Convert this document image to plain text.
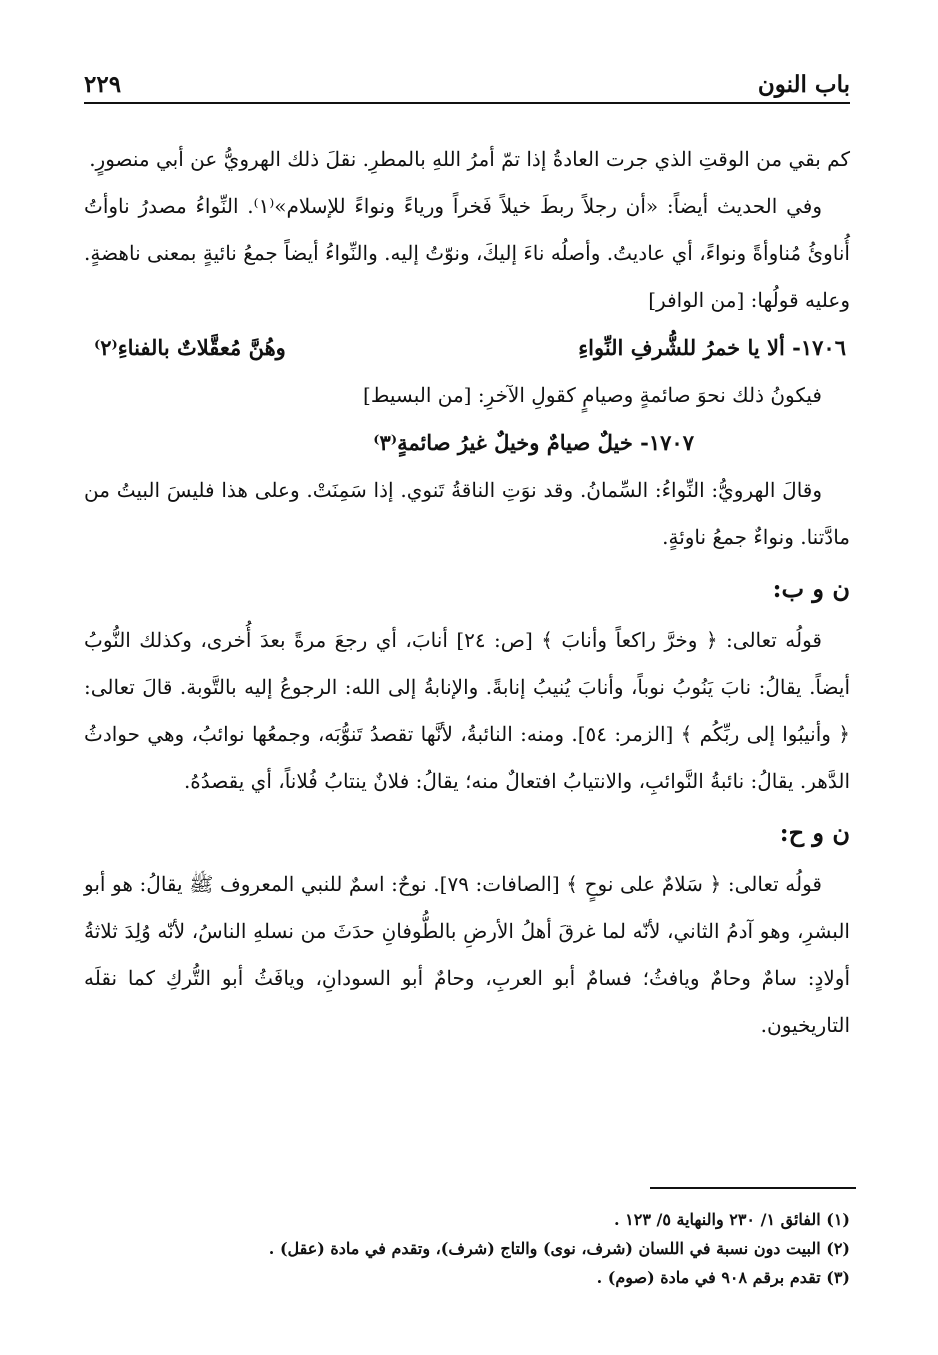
باب النون
٢٢٩

كم بقي من الوقتِ الذي جرت العادةُ إذا تمّ أمرُ اللهِ بالمطرِ. نقلَ ذلك الهرويُّ عن أبي منصورٍ.

وفي الحديث أيضاً: «أن رجلاً ربطَ خيلاً فَخراً ورياءً ونواءً للإسلام»⁽١⁾. النِّواءُ مصدرُ ناوأتُ أُناوئُ مُناوأةً ونواءً، أي عاديتُ. وأصلُه ناءَ إليكَ، ونوّتُ إليه. والنِّواءُ أيضاً جمعُ نائيةٍ بمعنى ناهضةٍ. وعليه قولُها: [من الوافر]

١٧٠٦- ألا يا خمرُ للشُّرفِ النِّواءِ
وهُنَّ مُعقَّلاتٌ بالفناءِ⁽٢⁾

فيكونُ ذلك نحوَ صائمةٍ وصيامٍ كقولِ الآخرِ: [من البسيط]

١٧٠٧- خيلٌ صيامٌ وخيلٌ غيرُ صائمةٍ⁽٣⁾

وقالَ الهرويُّ: النِّواءُ: السِّمانُ. وقد نوَتِ الناقةُ تَنوي. إذا سَمِنَتْ. وعلى هذا فليسَ البيتُ من مادَّتنا. ونواءٌ جمعُ ناوئةٍ.

ن و ب:

قولُه تعالى: ﴿ وخرَّ راكعاً وأنابَ ﴾ [ص: ٢٤] أنابَ، أي رجعَ مرةً بعدَ أُخرى، وكذلك النُّوبُ أيضاً. يقالُ: نابَ يَنُوبُ نوباً، وأنابَ يُنيبُ إنابةً. والإنابةُ إلى الله: الرجوعُ إليه بالتَّوبة. قالَ تعالى: ﴿ وأنيبُوا إلى ربِّكُم ﴾ [الزمر: ٥٤]. ومنه: النائبةُ، لأنَّها تقصدُ تَنوُّبَه، وجمعُها نوائبُ، وهي حوادثُ الدَّهر. يقالُ: نائبةُ النَّوائبِ، والانتيابُ افتعالٌ منه؛ يقالُ: فلانٌ ينتابُ فُلاناً، أي يقصدُهُ.

ن و ح:

قولُه تعالى: ﴿ سَلامٌ على نوحٍ ﴾ [الصافات: ٧٩]. نوحٌ: اسمٌ للنبي المعروف ﷺ يقالُ: هو أبو البشرِ، وهو آدمُ الثاني، لأنّه لما غرقَ أهلُ الأرضِ بالطُّوفانِ حدَثَ من نسلهِ الناسُ، لأنّه وُلِدَ ثلاثةُ أولادٍ: سامٌ وحامٌ ويافثُ؛ فسامٌ أبو العربِ، وحامٌ أبو السودانِ، ويافَثُ أبو التُّركِ كما نقلَه التاريخيون.

(١) الفائق ١/ ٢٣٠ والنهاية ٥/ ١٢٣ .
(٢) البيت دون نسبة في اللسان (شرف، نوى) والتاج (شرف)، وتقدم في مادة (عقل) .
(٣) تقدم برقم ٩٠٨ في مادة (صوم) .
